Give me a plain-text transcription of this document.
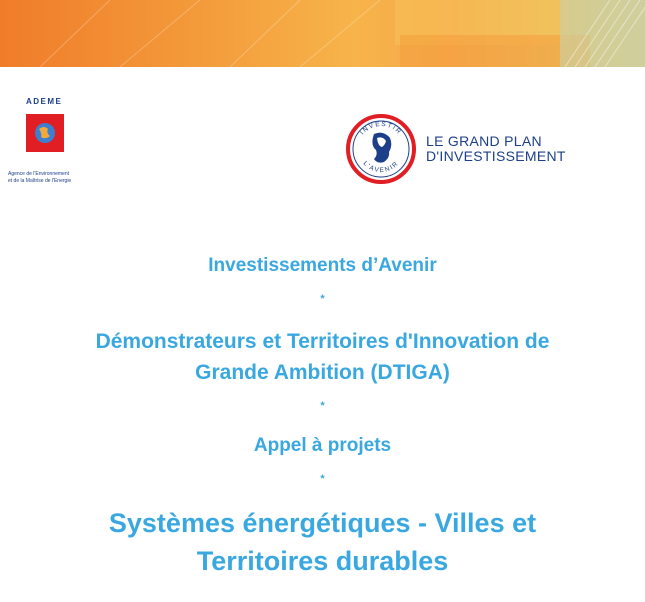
ADEME
Agence de l'Environnement
et de la Maîtrise de l'Energie
INVESTIR
L'AVENIR
LE GRAND PLAN
D'INVESTISSEMENT
Investissements d’Avenir
*
Démonstrateurs et Territoires d'Innovation de
Grande Ambition (DTIGA)
*
Appel à projets
*
Systèmes énergétiques - Villes et
Territoires durables
